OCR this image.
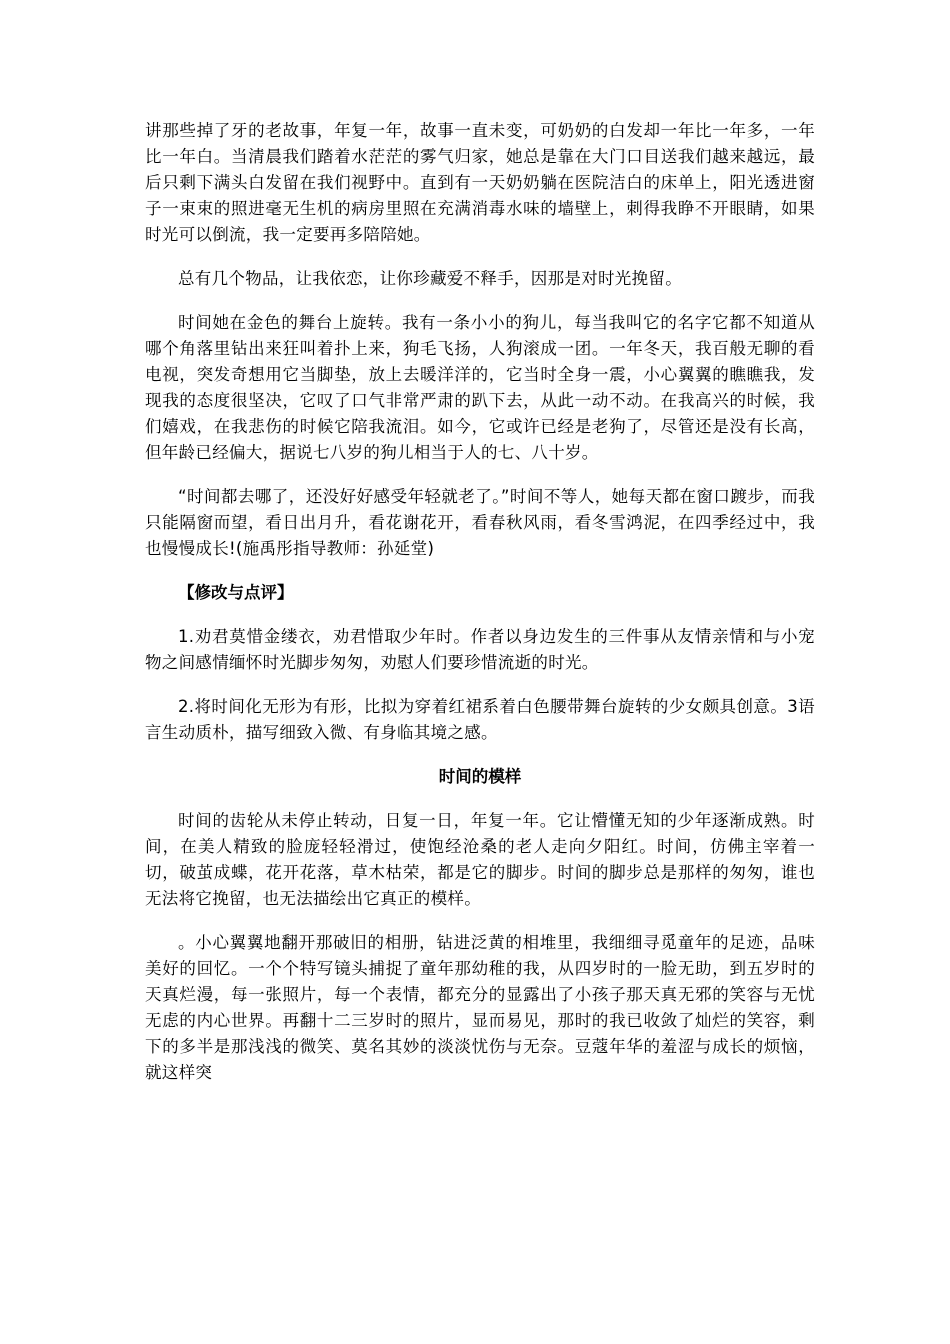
讲那些掉了牙的老故事，年复一年，故事一直未变，可奶奶的白发却一年比一年多，一年比一年白。当清晨我们踏着水茫茫的雾气归家，她总是靠在大门口目送我们越来越远，最后只剩下满头白发留在我们视野中。直到有一天奶奶躺在医院洁白的床单上，阳光透进窗子一束束的照进毫无生机的病房里照在充满消毒水味的墙壁上，刺得我睁不开眼睛，如果时光可以倒流，我一定要再多陪陪她。

总有几个物品，让我依恋，让你珍藏爱不释手，因那是对时光挽留。

时间她在金色的舞台上旋转。我有一条小小的狗儿，每当我叫它的名字它都不知道从哪个角落里钻出来狂叫着扑上来，狗毛飞扬，人狗滚成一团。一年冬天，我百般无聊的看电视，突发奇想用它当脚垫，放上去暖洋洋的，它当时全身一震，小心翼翼的瞧瞧我，发现我的态度很坚决，它叹了口气非常严肃的趴下去，从此一动不动。在我高兴的时候，我们嬉戏，在我悲伤的时候它陪我流泪。如今，它或许已经是老狗了，尽管还是没有长高，但年龄已经偏大，据说七八岁的狗儿相当于人的七、八十岁。

“时间都去哪了，还没好好感受年轻就老了。”时间不等人，她每天都在窗口踱步，而我只能隔窗而望，看日出月升，看花谢花开，看春秋风雨，看冬雪鸿泥，在四季经过中，我也慢慢成长!(施禹彤指导教师：孙延堂)

【修改与点评】

1.劝君莫惜金缕衣，劝君惜取少年时。作者以身边发生的三件事从友情亲情和与小宠物之间感情缅怀时光脚步匆匆，劝慰人们要珍惜流逝的时光。

2.将时间化无形为有形，比拟为穿着红裙系着白色腰带舞台旋转的少女颇具创意。3语言生动质朴，描写细致入微、有身临其境之感。

时间的模样

时间的齿轮从未停止转动，日复一日，年复一年。它让懵懂无知的少年逐渐成熟。时间，在美人精致的脸庞轻轻滑过，使饱经沧桑的老人走向夕阳红。时间，仿佛主宰着一切，破茧成蝶，花开花落，草木枯荣，都是它的脚步。时间的脚步总是那样的匆匆，谁也无法将它挽留，也无法描绘出它真正的模样。

。小心翼翼地翻开那破旧的相册，钻进泛黄的相堆里，我细细寻觅童年的足迹，品味美好的回忆。一个个特写镜头捕捉了童年那幼稚的我，从四岁时的一脸无助，到五岁时的天真烂漫，每一张照片，每一个表情，都充分的显露出了小孩子那天真无邪的笑容与无忧无虑的内心世界。再翻十二三岁时的照片，显而易见，那时的我已收敛了灿烂的笑容，剩下的多半是那浅浅的微笑、莫名其妙的淡淡忧伤与无奈。豆蔻年华的羞涩与成长的烦恼，就这样突
